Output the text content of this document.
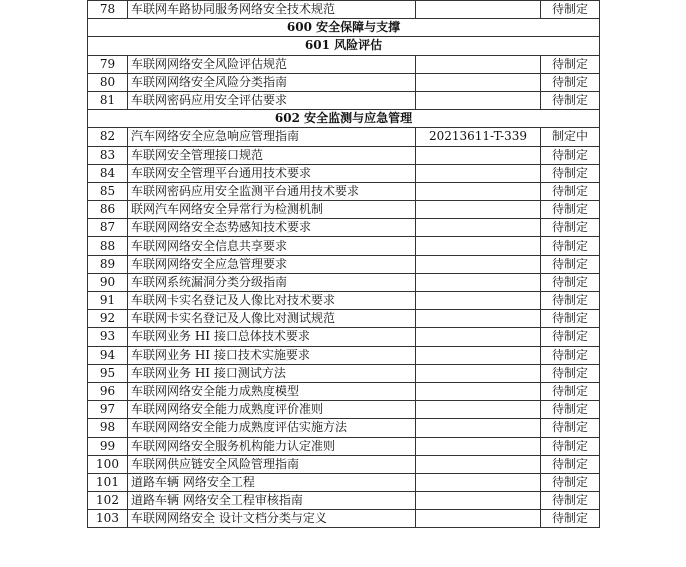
78	车联网车路协同服务网络安全技术规范		待制定
600 安全保障与支撑			
601 风险评估			
79	车联网网络安全风险评估规范		待制定
80	车联网网络安全风险分类指南		待制定
81	车联网密码应用安全评估要求		待制定
602 安全监测与应急管理			
82	汽车网络安全应急响应管理指南	20213611-T-339	制定中
83	车联网安全管理接口规范		待制定
84	车联网安全管理平台通用技术要求		待制定
85	车联网密码应用安全监测平台通用技术要求		待制定
86	联网汽车网络安全异常行为检测机制		待制定
87	车联网网络安全态势感知技术要求		待制定
88	车联网网络安全信息共享要求		待制定
89	车联网网络安全应急管理要求		待制定
90	车联网系统漏洞分类分级指南		待制定
91	车联网卡实名登记及人像比对技术要求		待制定
92	车联网卡实名登记及人像比对测试规范		待制定
93	车联网业务 HI 接口总体技术要求		待制定
94	车联网业务 HI 接口技术实施要求		待制定
95	车联网业务 HI 接口测试方法		待制定
96	车联网网络安全能力成熟度模型		待制定
97	车联网网络安全能力成熟度评价准则		待制定
98	车联网网络安全能力成熟度评估实施方法		待制定
99	车联网网络安全服务机构能力认定准则		待制定
100	车联网供应链安全风险管理指南		待制定
101	道路车辆 网络安全工程		待制定
102	道路车辆 网络安全工程审核指南		待制定
103	车联网网络安全 设计文档分类与定义		待制定
